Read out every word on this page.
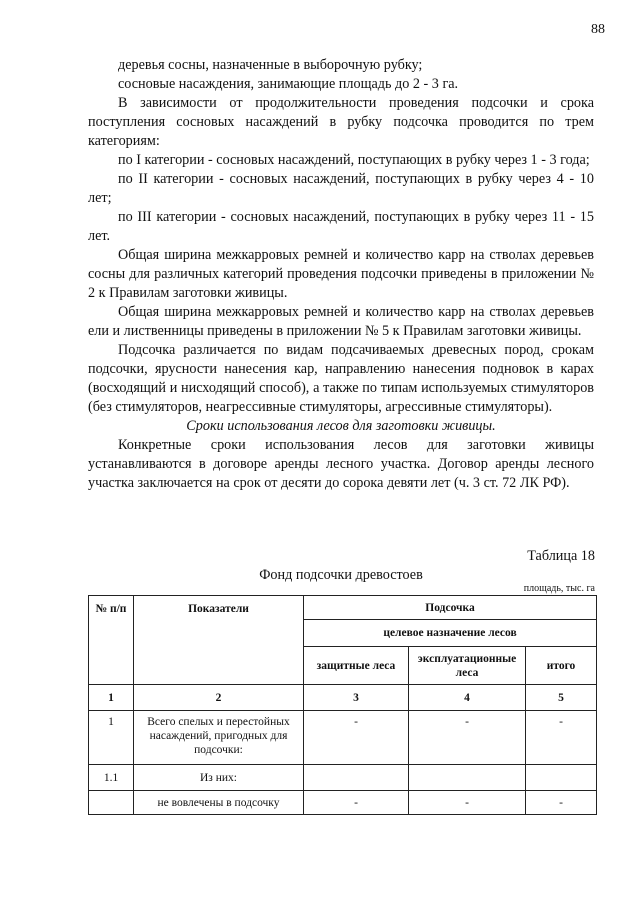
88

деревья сосны, назначенные в выборочную рубку;

сосновые насаждения, занимающие площадь до 2 - 3 га.

В зависимости от продолжительности проведения подсочки и срока поступления сосновых насаждений в рубку подсочка проводится по трем категориям:

по I категории - сосновых насаждений, поступающих в рубку через 1 - 3 года;

по II категории - сосновых насаждений, поступающих в рубку через 4 - 10 лет;

по III категории - сосновых насаждений, поступающих в рубку через 11 - 15 лет.

Общая ширина межкарровых ремней и количество карр на стволах деревьев сосны для различных категорий проведения подсочки приведены в приложении № 2 к Правилам заготовки живицы.

Общая ширина межкарровых ремней и количество карр на стволах деревьев ели и лиственницы приведены в приложении № 5 к Правилам заготовки живицы.

Подсочка различается по видам подсачиваемых древесных пород, срокам подсочки, ярусности нанесения кар, направлению нанесения подновок в карах (восходящий и нисходящий способ), а также по типам используемых стимуляторов (без стимуляторов, неагрессивные стимуляторы, агрессивные стимуляторы).

Сроки использования лесов для заготовки живицы.

Конкретные сроки использования лесов для заготовки живицы устанавливаются в договоре аренды лесного участка. Договор аренды лесного участка заключается на срок от десяти до сорока девяти лет (ч. 3 ст. 72 ЛК РФ).

Таблица 18
Фонд подсочки древостоев
площадь, тыс. га
№ п/п	Показатели	Подсочка		
		целевое назначение лесов		
		защитные леса	эксплуатационные леса	итого
1	2	3	4	5
1	Всего спелых и перестойных насаждений, пригодных для подсочки:	-	-	-
1.1	Из них:			
	не вовлечены в подсочку	-	-	-
